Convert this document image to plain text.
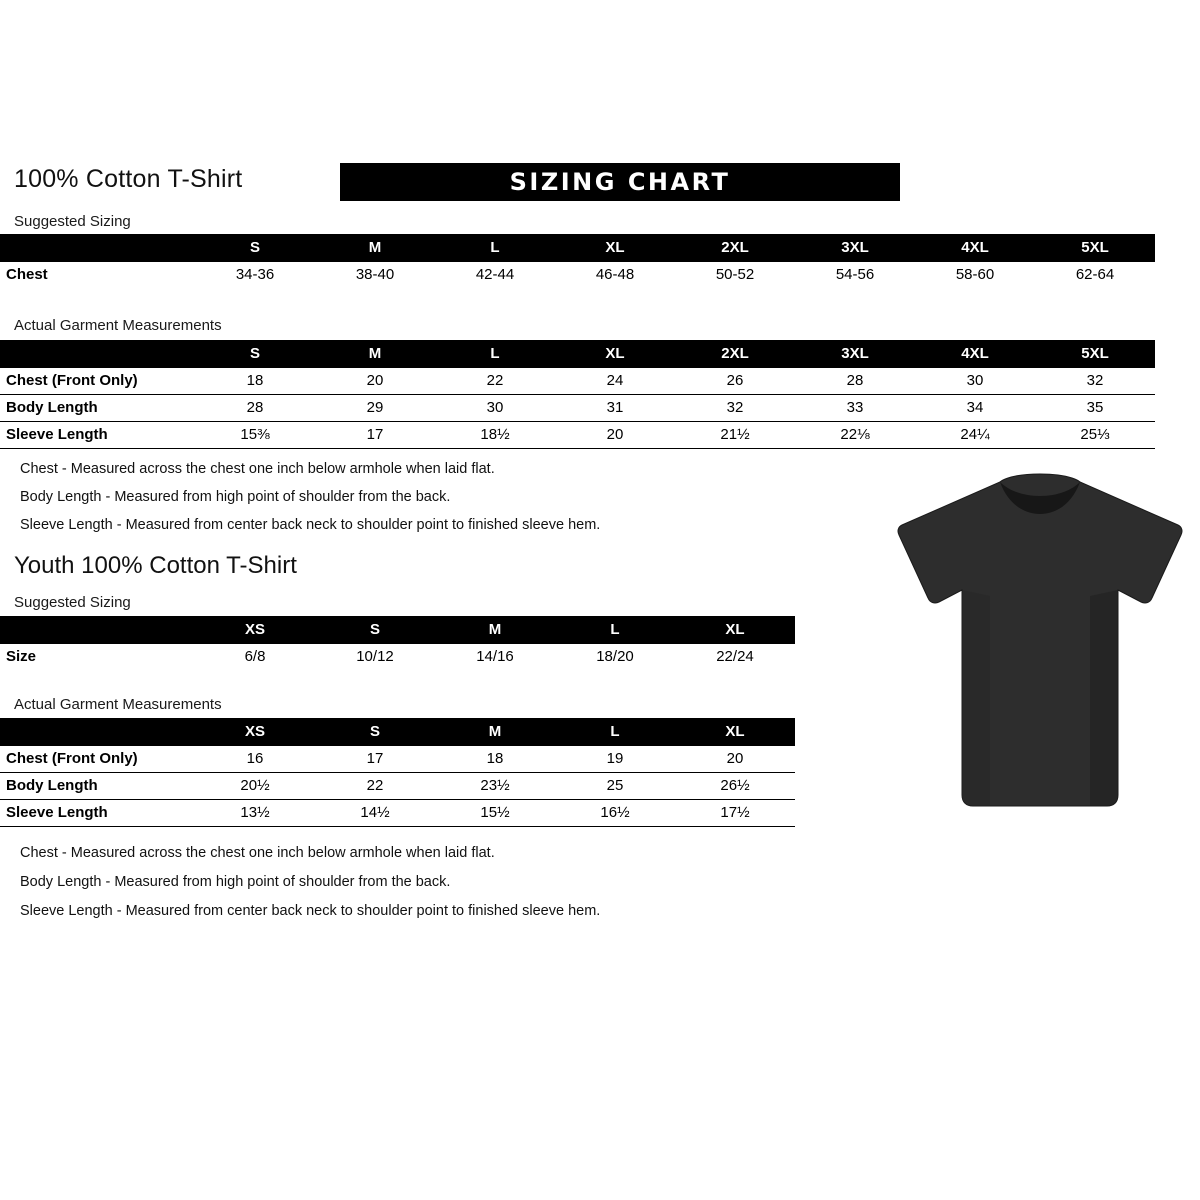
100% Cotton T-Shirt	SIZING CHART
Suggested Sizing
	S	M	L	XL	2XL	3XL	4XL	5XL
Chest	34-36	38-40	42-44	46-48	50-52	54-56	58-60	62-64
Actual Garment Measurements
	S	M	L	XL	2XL	3XL	4XL	5XL
Chest (Front Only)	18	20	22	24	26	28	30	32
Body Length	28	29	30	31	32	33	34	35
Sleeve Length	15⅜	17	18½	20	21½	22⅛	24¼	25⅓
Chest - Measured across the chest one inch below armhole when laid flat.
Body Length - Measured from high point of shoulder from the back.
Sleeve Length - Measured from center back neck to shoulder point to finished sleeve hem.
Youth 100% Cotton T-Shirt
Suggested Sizing
	XS	S	M	L	XL
Size	6/8	10/12	14/16	18/20	22/24
Actual Garment Measurements
	XS	S	M	L	XL
Chest (Front Only)	16	17	18	19	20
Body Length	20½	22	23½	25	26½
Sleeve Length	13½	14½	15½	16½	17½
Chest - Measured across the chest one inch below armhole when laid flat.
Body Length - Measured from high point of shoulder from the back.
Sleeve Length - Measured from center back neck to shoulder point to finished sleeve hem.
